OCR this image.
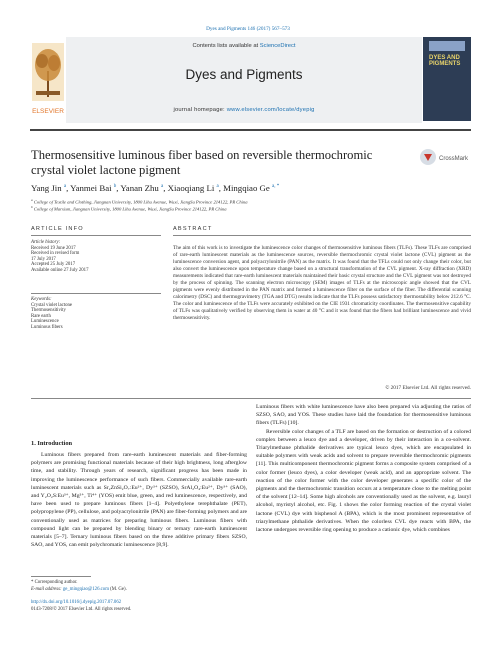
Dyes and Pigments 146 (2017) 567–573
Contents lists available at ScienceDirect
Dyes and Pigments
journal homepage: www.elsevier.com/locate/dyepig
ELSEVIER
DYES AND PIGMENTS
Thermosensitive luminous fiber based on reversible thermochromic crystal violet lactone pigment
CrossMark
Yang Jin $^a$, Yanmei Bai $^b$, Yanan Zhu $^a$, Xiaoqiang Li $^a$, Mingqiao Ge $^{a, *}$
$^a$ College of Textile and Clothing, Jiangnan University, 1800 Lihu Avenue, Wuxi, JiangSu Province 214122, PR China
$^b$ College of Marxism, Jiangnan University, 1800 Lihu Avenue, Wuxi, JiangSu Province 214122, PR China
ARTICLE INFO	ABSTRACT
Article history:
Received 19 June 2017
Received in revised form
17 July 2017
Accepted 25 July 2017
Available online 27 July 2017
Keywords:
Crystal violet lactone
Thermosensitivity
Rare earth
Luminescence
Luminous fibers
The aim of this work is to investigate the luminescence color changes of thermosensitive luminous fibers (TLFs). These TLFs are comprised of rare-earth luminescent materials as the luminescence sources, reversible thermochromic crystal violet lactone (CVL) pigment as the luminescence conversion agent, and polyacrylonitrile (PAN) as the matrix. It was found that the TFLs could not only change their color, but also convert the luminescence upon temperature change based on a structural transformation of the CVL pigment. X-ray diffraction (XRD) measurements indicated that rare-earth luminescent materials maintained their basic crystal structure and the CVL pigment was not destroyed by the process of spinning. The scanning electron microscopy (SEM) images of TLFs at the microscopic angle showed that the CVL pigments were evenly distributed in the PAN matrix and formed a luminescence filter on the surface of the fiber. The differential scanning calorimetry (DSC) and thermogravimetry (TGA and DTG) results indicate that the TLFs possess satisfactory thermostability below 212.6 °C. The color and luminescence of the TLFs were accurately exhibited on the CIE 1931 chromaticity coordinates. The thermosensitive capability of TLFs was qualitatively verified by observing them in water at 40 °C and it was found that the fibers had brilliant luminescence and vivid thermosensitivity.
© 2017 Elsevier Ltd. All rights reserved.
1. Introduction

Luminous fibers prepared from rare-earth luminescent materials and fiber-forming polymers are promising functional materials because of their high brightness, long afterglow time, and stability. Through years of research, significant progress has been made in improving the luminescence performance of such fibers. Commercially available rare-earth luminescent materials such as Sr₂ZnSi₂O₇:Eu²⁺, Dy³⁺ (SZSO), SrAl₂O₄:Eu²⁺, Dy³⁺ (SAO), and Y₂O₂S:Eu³⁺, Mg²⁺, Ti⁴⁺ (YOS) emit blue, green, and red luminescence, respectively, and have been used to prepare luminous fibers [1–4]. Polyethylene terephthalate (PET), polypropylene (PP), cellulose, and polyacrylonitrile (PAN) are fiber-forming polymers and are conventionally used as matrices for preparing luminous fibers. Luminous fibers with compound light can be prepared by blending binary or ternary rare-earth luminescent materials [5–7]. Ternary luminous fibers based on the three additive primary fibers SZSO, SAO, and YOS, can emit polychromatic luminescence [8,9].

Luminous fibers with white luminescence have also been prepared via adjusting the ratios of SZSO, SAO, and YOS. These studies have laid the foundation for thermosensitive luminous fibers (TLFs) [10].

Reversible color changes of a TLF are based on the formation or destruction of a colored complex between a leuco dye and a developer, driven by their interaction in a co-solvent. Triarylmethane phthalide derivatives are typical leuco dyes, which are encapsulated in suitable polymers with weak acids and solvent to prepare reversible thermochromic pigments [11]. This multicomponent thermochromic pigment forms a composite system comprised of a color former (leuco dyes), a color developer (weak acid), and an appropriate solvent. The reaction of the color former with the color developer generates a specific color of the pigments and the thermochromic transition occurs at a temperature close to the melting point of the solvent [12–14]. Some high alcohols are conventionally used as the solvent, e.g. lauryl alcohol, myristyl alcohol, etc. Fig. 1 shows the color forming reaction of the crystal violet lactone (CVL) dye with bisphenol A (BPA), which is the most prominent representative of triarylmethane phthalide derivatives. When the colorless CVL dye reacts with BPA, the lactone undergoes reversible ring opening to produce a cationic dye, which combines

* Corresponding author.
E-mail address: ge_mingqiao@126.com (M. Ge).
http://dx.doi.org/10.1016/j.dyepig.2017.07.062
0143-7208/© 2017 Elsevier Ltd. All rights reserved.
